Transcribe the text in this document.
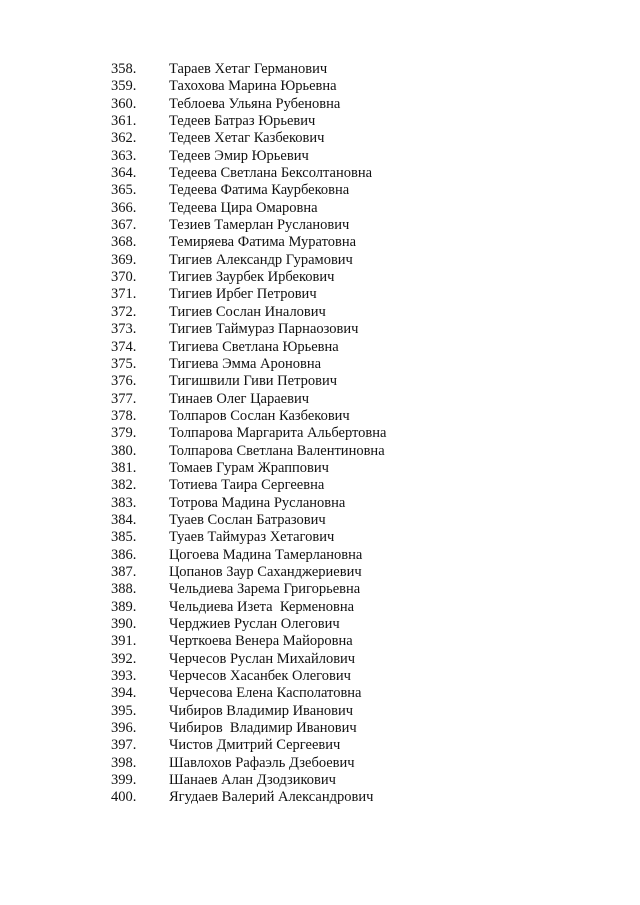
358. Тараев Хетаг Германович
359. Тахохова Марина Юрьевна
360. Теблоева Ульяна Рубеновна
361. Тедеев Батраз Юрьевич
362. Тедеев Хетаг Казбекович
363. Тедеев Эмир Юрьевич
364. Тедеева Светлана Бексолтановна
365. Тедеева Фатима Каурбековна
366. Тедеева Цира Омаровна
367. Тезиев Тамерлан Русланович
368. Темиряева Фатима Муратовна
369. Тигиев Александр Гурамович
370. Тигиев Заурбек Ирбекович
371. Тигиев Ирбег Петрович
372. Тигиев Сослан Иналович
373. Тигиев Таймураз Парнаозович
374. Тигиева Светлана Юрьевна
375. Тигиева Эмма Ароновна
376. Тигишвили Гиви Петрович
377. Тинаев Олег Цараевич
378. Толпаров Сослан Казбекович
379. Толпарова Маргарита Альбертовна
380. Толпарова Светлана Валентиновна
381. Томаев Гурам Жраппович
382. Тотиева Таира Сергеевна
383. Тотрова Мадина Руслановна
384. Туаев Сослан Батразович
385. Туаев Таймураз Хетагович
386. Цогоева Мадина Тамерлановна
387. Цопанов Заур Саханджериевич
388. Чельдиева Зарема Григорьевна
389. Чельдиева Изета  Керменовна
390. Черджиев Руслан Олегович
391. Черткоева Венера Майоровна
392. Черчесов Руслан Михайлович
393. Черчесов Хасанбек Олегович
394. Черчесова Елена Касполатовна
395. Чибиров Владимир Иванович
396. Чибиров  Владимир Иванович
397. Чистов Дмитрий Сергеевич
398. Шавлохов Рафаэль Дзебоевич
399. Шанаев Алан Дзодзикович
400. Ягудаев Валерий Александрович
